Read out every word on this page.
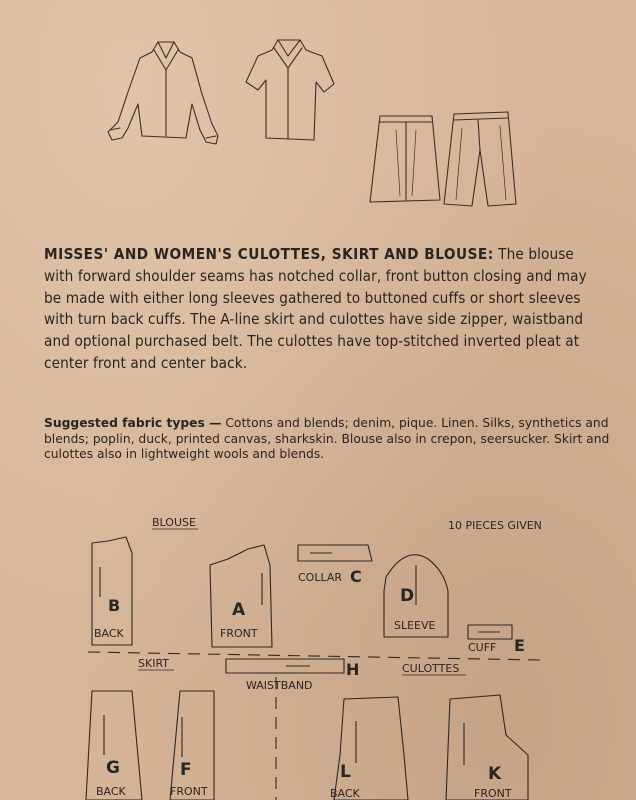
MISSES' AND WOMEN'S CULOTTES, SKIRT AND BLOUSE: The blouse with forward shoulder seams has notched collar, front button closing and may be made with either long sleeves gathered to buttoned cuffs or short sleeves with turn back cuffs. The A-line skirt and culottes have side zipper, waistband and optional purchased belt. The culottes have top-stitched inverted pleat at center front and center back.
Suggested fabric types — Cottons and blends; denim, pique. Linen. Silks, synthetics and blends; poplin, duck, printed canvas, sharkskin. Blouse also in crepon, seersucker. Skirt and culottes also in lightweight wools and blends.
BLOUSE	10 PIECES GIVEN
B
BACK
A
FRONT
COLLAR C
D
SLEEVE
CUFF E
SKIRT	CULOTTES
WAISTBAND
H
G
BACK
F
FRONT
L
BACK
K
FRONT
